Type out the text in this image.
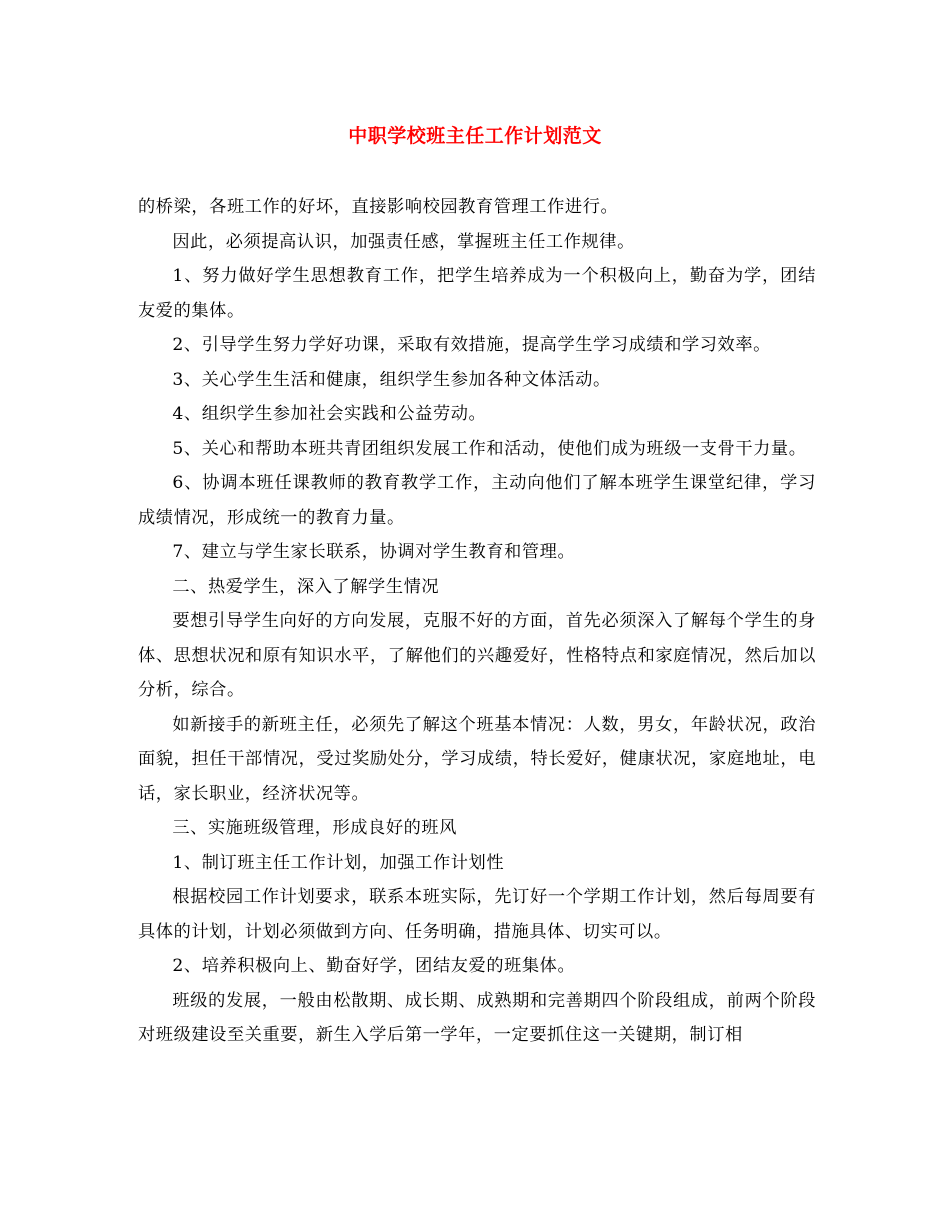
中职学校班主任工作计划范文

的桥梁，各班工作的好坏，直接影响校园教育管理工作进行。

因此，必须提高认识，加强责任感，掌握班主任工作规律。

1、努力做好学生思想教育工作，把学生培养成为一个积极向上，勤奋为学，团结友爱的集体。

2、引导学生努力学好功课，采取有效措施，提高学生学习成绩和学习效率。

3、关心学生生活和健康，组织学生参加各种文体活动。

4、组织学生参加社会实践和公益劳动。

5、关心和帮助本班共青团组织发展工作和活动，使他们成为班级一支骨干力量。

6、协调本班任课教师的教育教学工作，主动向他们了解本班学生课堂纪律，学习成绩情况，形成统一的教育力量。

7、建立与学生家长联系，协调对学生教育和管理。

二、热爱学生，深入了解学生情况

要想引导学生向好的方向发展，克服不好的方面，首先必须深入了解每个学生的身体、思想状况和原有知识水平，了解他们的兴趣爱好，性格特点和家庭情况，然后加以分析，综合。

如新接手的新班主任，必须先了解这个班基本情况：人数，男女，年龄状况，政治面貌，担任干部情况，受过奖励处分，学习成绩，特长爱好，健康状况，家庭地址，电话，家长职业，经济状况等。

三、实施班级管理，形成良好的班风

1、制订班主任工作计划，加强工作计划性

根据校园工作计划要求，联系本班实际，先订好一个学期工作计划，然后每周要有具体的计划，计划必须做到方向、任务明确，措施具体、切实可以。

2、培养积极向上、勤奋好学，团结友爱的班集体。

班级的发展，一般由松散期、成长期、成熟期和完善期四个阶段组成，前两个阶段对班级建设至关重要，新生入学后第一学年，一定要抓住这一关键期，制订相
